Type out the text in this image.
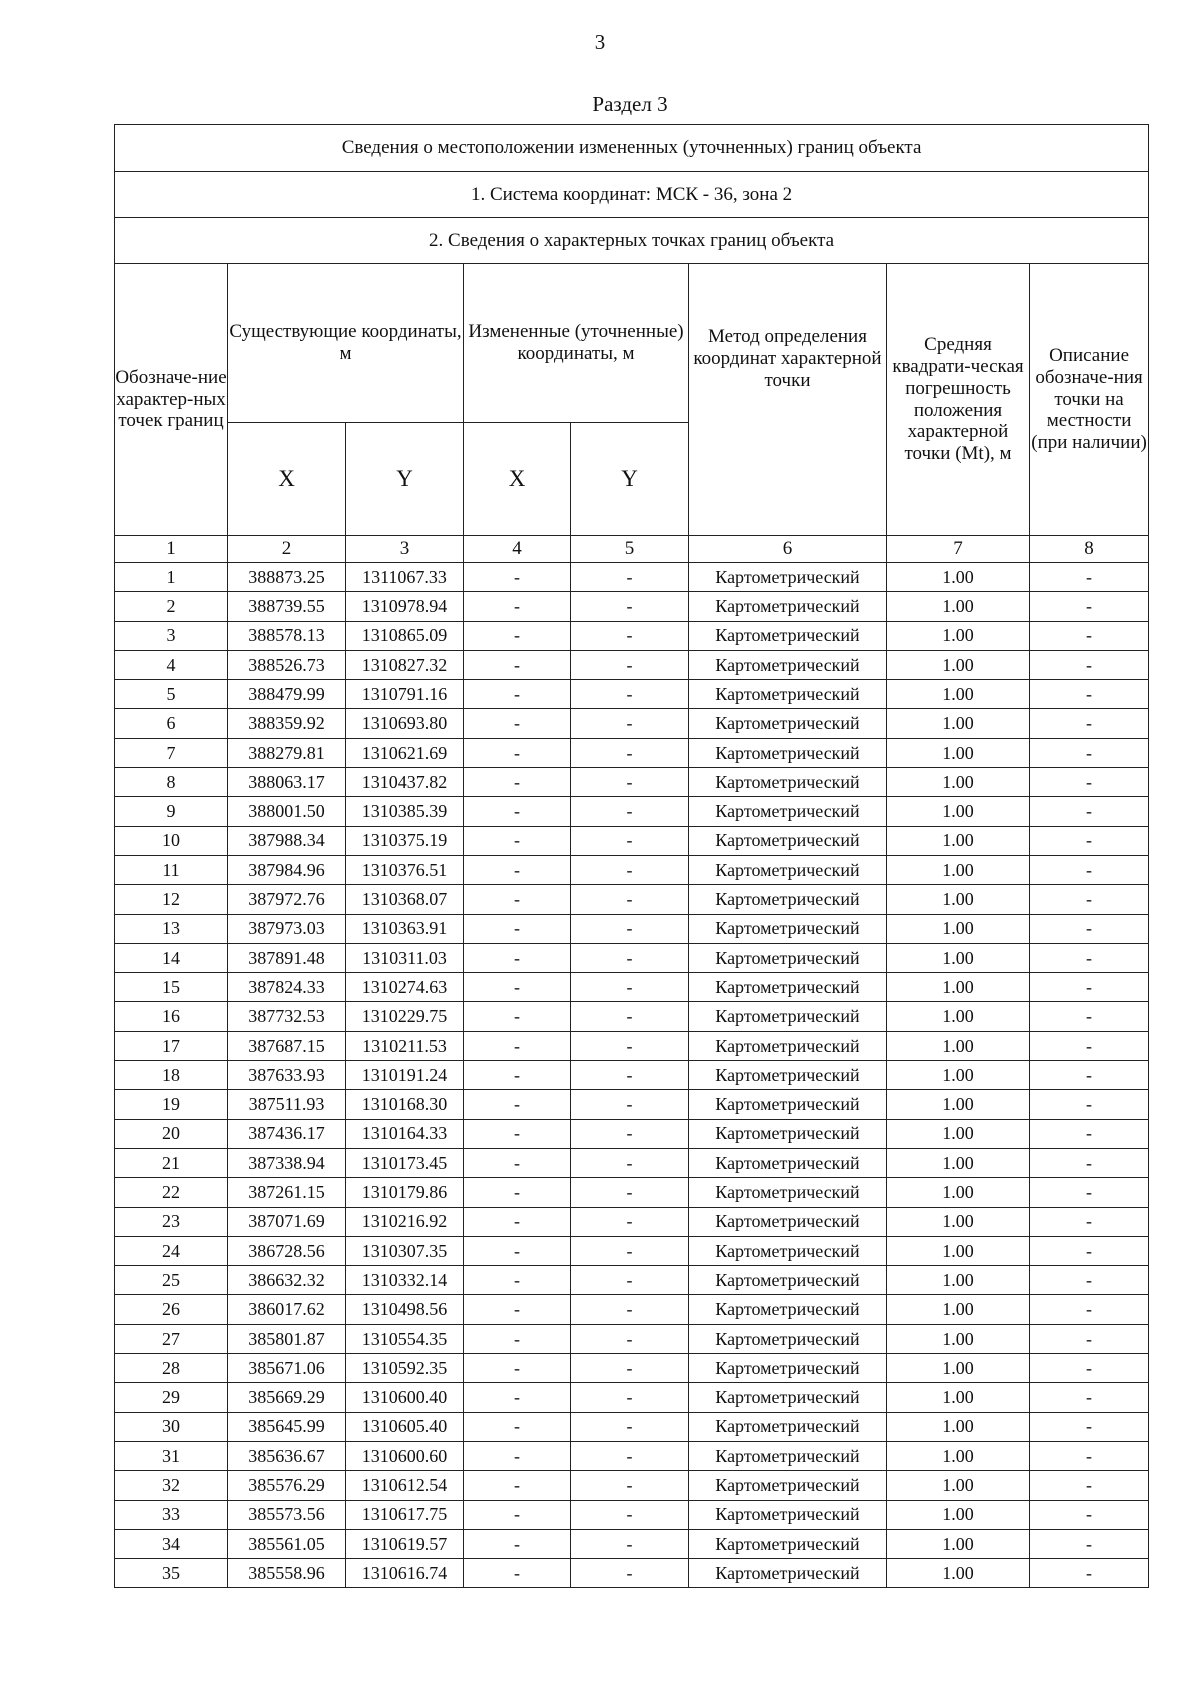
3
Раздел 3
Сведения о местоположении измененных (уточненных) границ объекта							
1. Система координат: МСК - 36, зона 2							
2. Сведения о характерных точках границ объекта							
Обозначе-ние характер-ных точек границ	Существующие координаты, м		Измененные (уточненные) координаты, м		Метод определения координат характерной точки	Средняя квадрати-ческая погрешность положения характерной точки (Mt), м	Описание обозначе-ния точки на местности (при наличии)
	X	Y	X	Y			
1	2	3	4	5	6	7	8
1	388873.25	1311067.33	-	-	Картометрический	1.00	-
2	388739.55	1310978.94	-	-	Картометрический	1.00	-
3	388578.13	1310865.09	-	-	Картометрический	1.00	-
4	388526.73	1310827.32	-	-	Картометрический	1.00	-
5	388479.99	1310791.16	-	-	Картометрический	1.00	-
6	388359.92	1310693.80	-	-	Картометрический	1.00	-
7	388279.81	1310621.69	-	-	Картометрический	1.00	-
8	388063.17	1310437.82	-	-	Картометрический	1.00	-
9	388001.50	1310385.39	-	-	Картометрический	1.00	-
10	387988.34	1310375.19	-	-	Картометрический	1.00	-
11	387984.96	1310376.51	-	-	Картометрический	1.00	-
12	387972.76	1310368.07	-	-	Картометрический	1.00	-
13	387973.03	1310363.91	-	-	Картометрический	1.00	-
14	387891.48	1310311.03	-	-	Картометрический	1.00	-
15	387824.33	1310274.63	-	-	Картометрический	1.00	-
16	387732.53	1310229.75	-	-	Картометрический	1.00	-
17	387687.15	1310211.53	-	-	Картометрический	1.00	-
18	387633.93	1310191.24	-	-	Картометрический	1.00	-
19	387511.93	1310168.30	-	-	Картометрический	1.00	-
20	387436.17	1310164.33	-	-	Картометрический	1.00	-
21	387338.94	1310173.45	-	-	Картометрический	1.00	-
22	387261.15	1310179.86	-	-	Картометрический	1.00	-
23	387071.69	1310216.92	-	-	Картометрический	1.00	-
24	386728.56	1310307.35	-	-	Картометрический	1.00	-
25	386632.32	1310332.14	-	-	Картометрический	1.00	-
26	386017.62	1310498.56	-	-	Картометрический	1.00	-
27	385801.87	1310554.35	-	-	Картометрический	1.00	-
28	385671.06	1310592.35	-	-	Картометрический	1.00	-
29	385669.29	1310600.40	-	-	Картометрический	1.00	-
30	385645.99	1310605.40	-	-	Картометрический	1.00	-
31	385636.67	1310600.60	-	-	Картометрический	1.00	-
32	385576.29	1310612.54	-	-	Картометрический	1.00	-
33	385573.56	1310617.75	-	-	Картометрический	1.00	-
34	385561.05	1310619.57	-	-	Картометрический	1.00	-
35	385558.96	1310616.74	-	-	Картометрический	1.00	-
